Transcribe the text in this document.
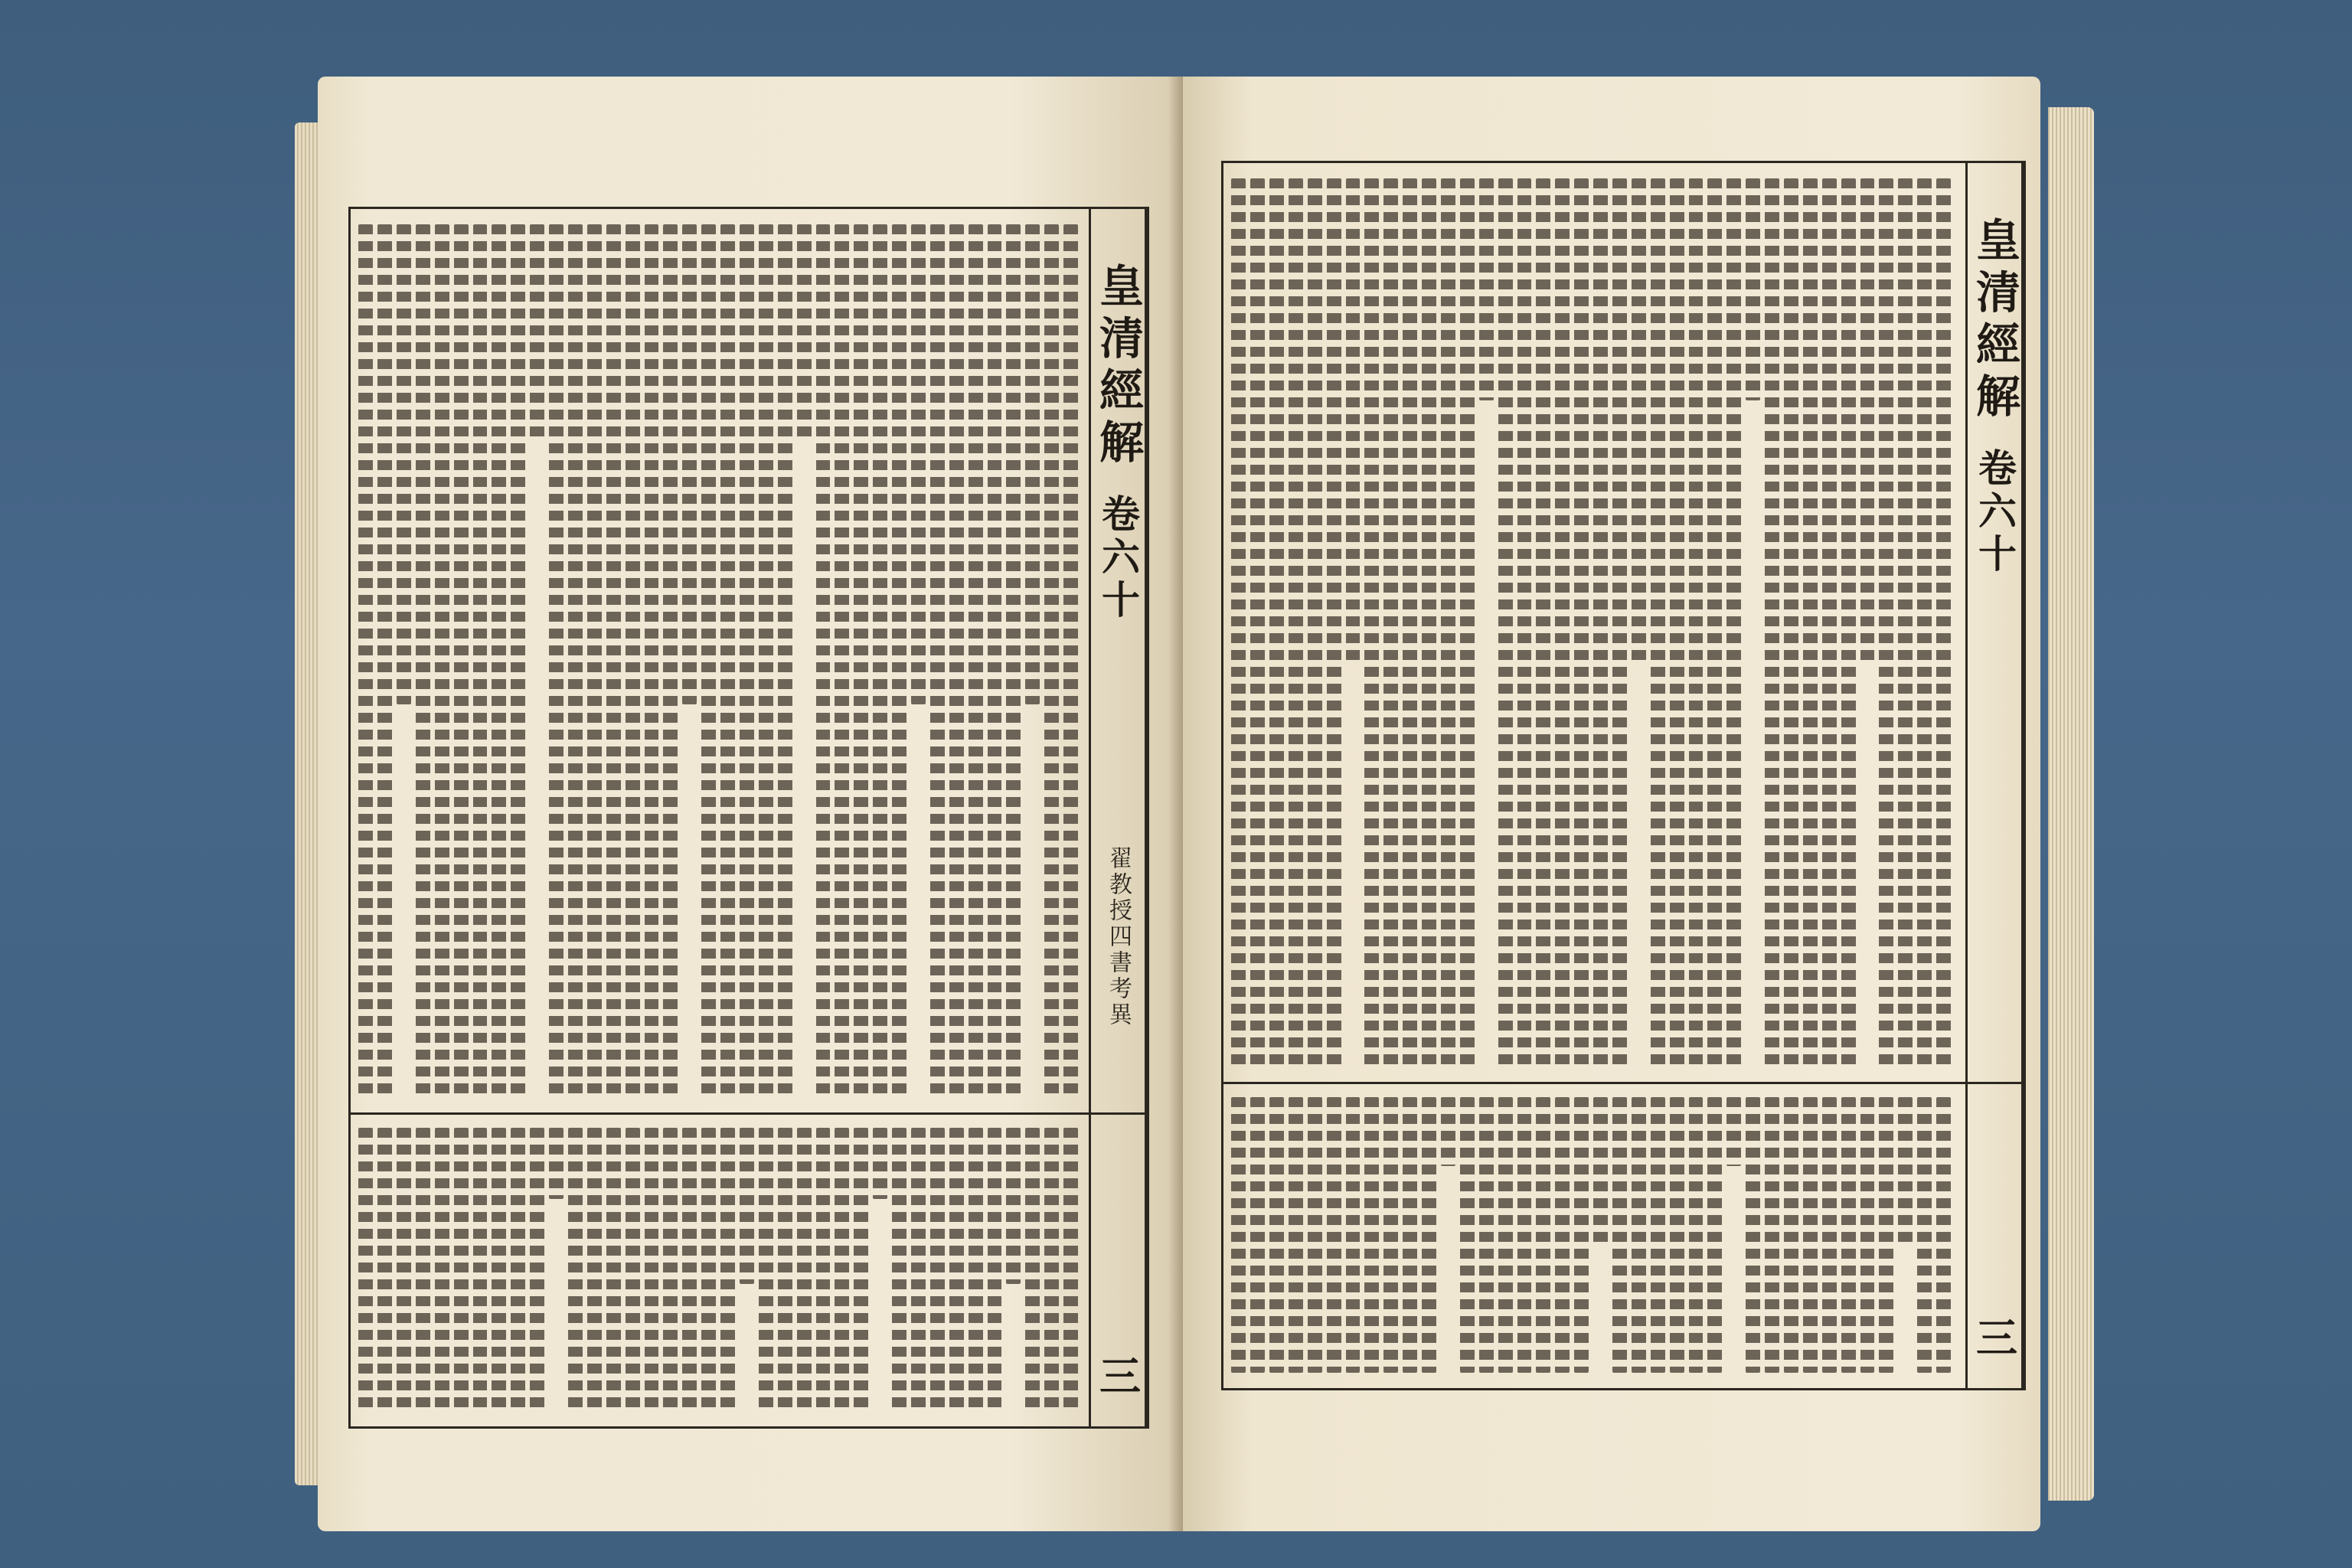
皇清經解
卷六十
翟教授四書考異
三
皇清經解
卷六十
三
